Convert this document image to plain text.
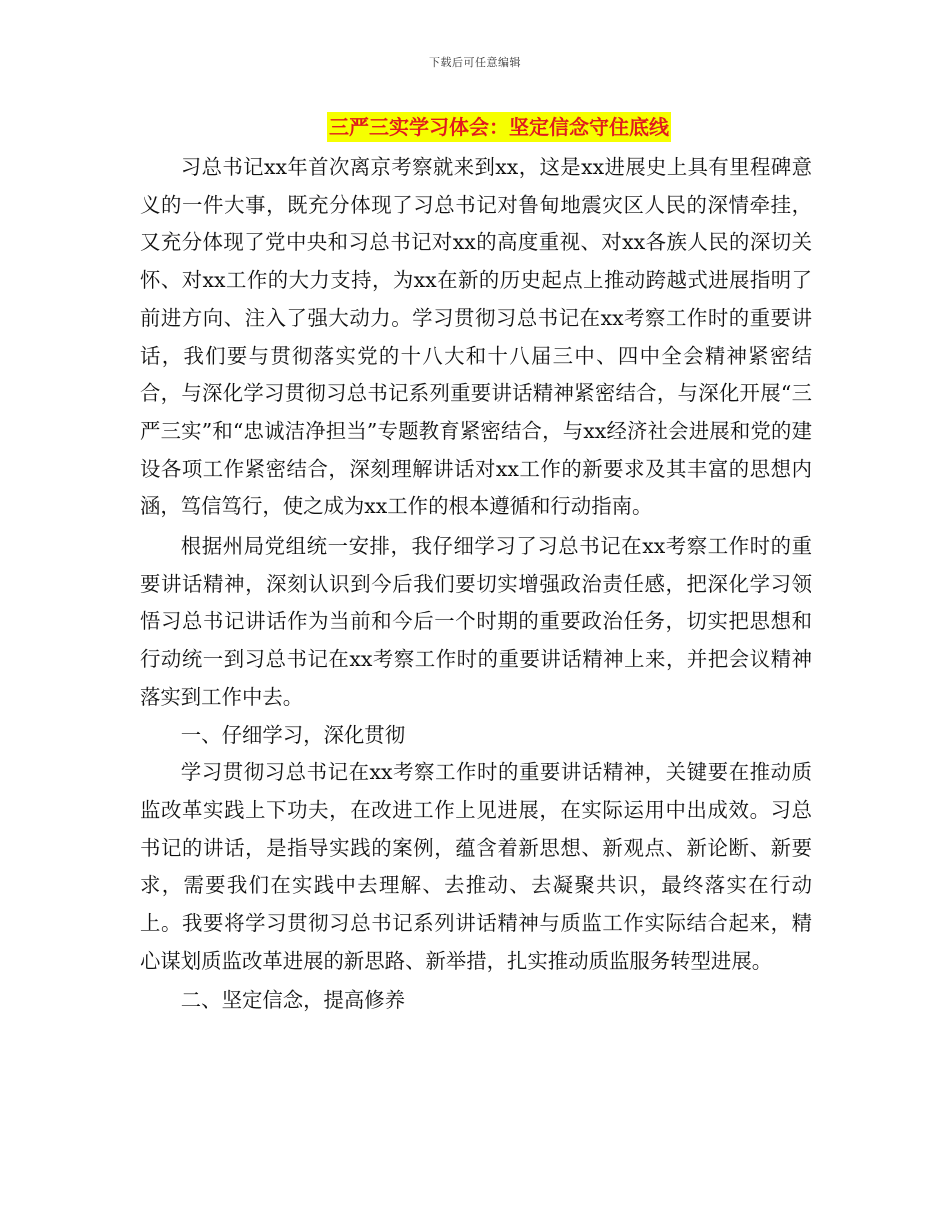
下载后可任意编辑
三严三实学习体会：坚定信念守住底线

习总书记xx年首次离京考察就来到xx，这是xx进展史上具有里程碑意义的一件大事，既充分体现了习总书记对鲁甸地震灾区人民的深情牵挂，又充分体现了党中央和习总书记对xx的高度重视、对xx各族人民的深切关怀、对xx工作的大力支持，为xx在新的历史起点上推动跨越式进展指明了前进方向、注入了强大动力。学习贯彻习总书记在xx考察工作时的重要讲话，我们要与贯彻落实党的十八大和十八届三中、四中全会精神紧密结合，与深化学习贯彻习总书记系列重要讲话精神紧密结合，与深化开展“三严三实”和“忠诚洁净担当”专题教育紧密结合，与xx经济社会进展和党的建设各项工作紧密结合，深刻理解讲话对xx工作的新要求及其丰富的思想内涵，笃信笃行，使之成为xx工作的根本遵循和行动指南。

根据州局党组统一安排，我仔细学习了习总书记在xx考察工作时的重要讲话精神，深刻认识到今后我们要切实增强政治责任感，把深化学习领悟习总书记讲话作为当前和今后一个时期的重要政治任务，切实把思想和行动统一到习总书记在xx考察工作时的重要讲话精神上来，并把会议精神落实到工作中去。

一、仔细学习，深化贯彻

学习贯彻习总书记在xx考察工作时的重要讲话精神，关键要在推动质监改革实践上下功夫，在改进工作上见进展，在实际运用中出成效。习总书记的讲话，是指导实践的案例，蕴含着新思想、新观点、新论断、新要求，需要我们在实践中去理解、去推动、去凝聚共识，最终落实在行动上。我要将学习贯彻习总书记系列讲话精神与质监工作实际结合起来，精心谋划质监改革进展的新思路、新举措，扎实推动质监服务转型进展。

二、坚定信念，提高修养
